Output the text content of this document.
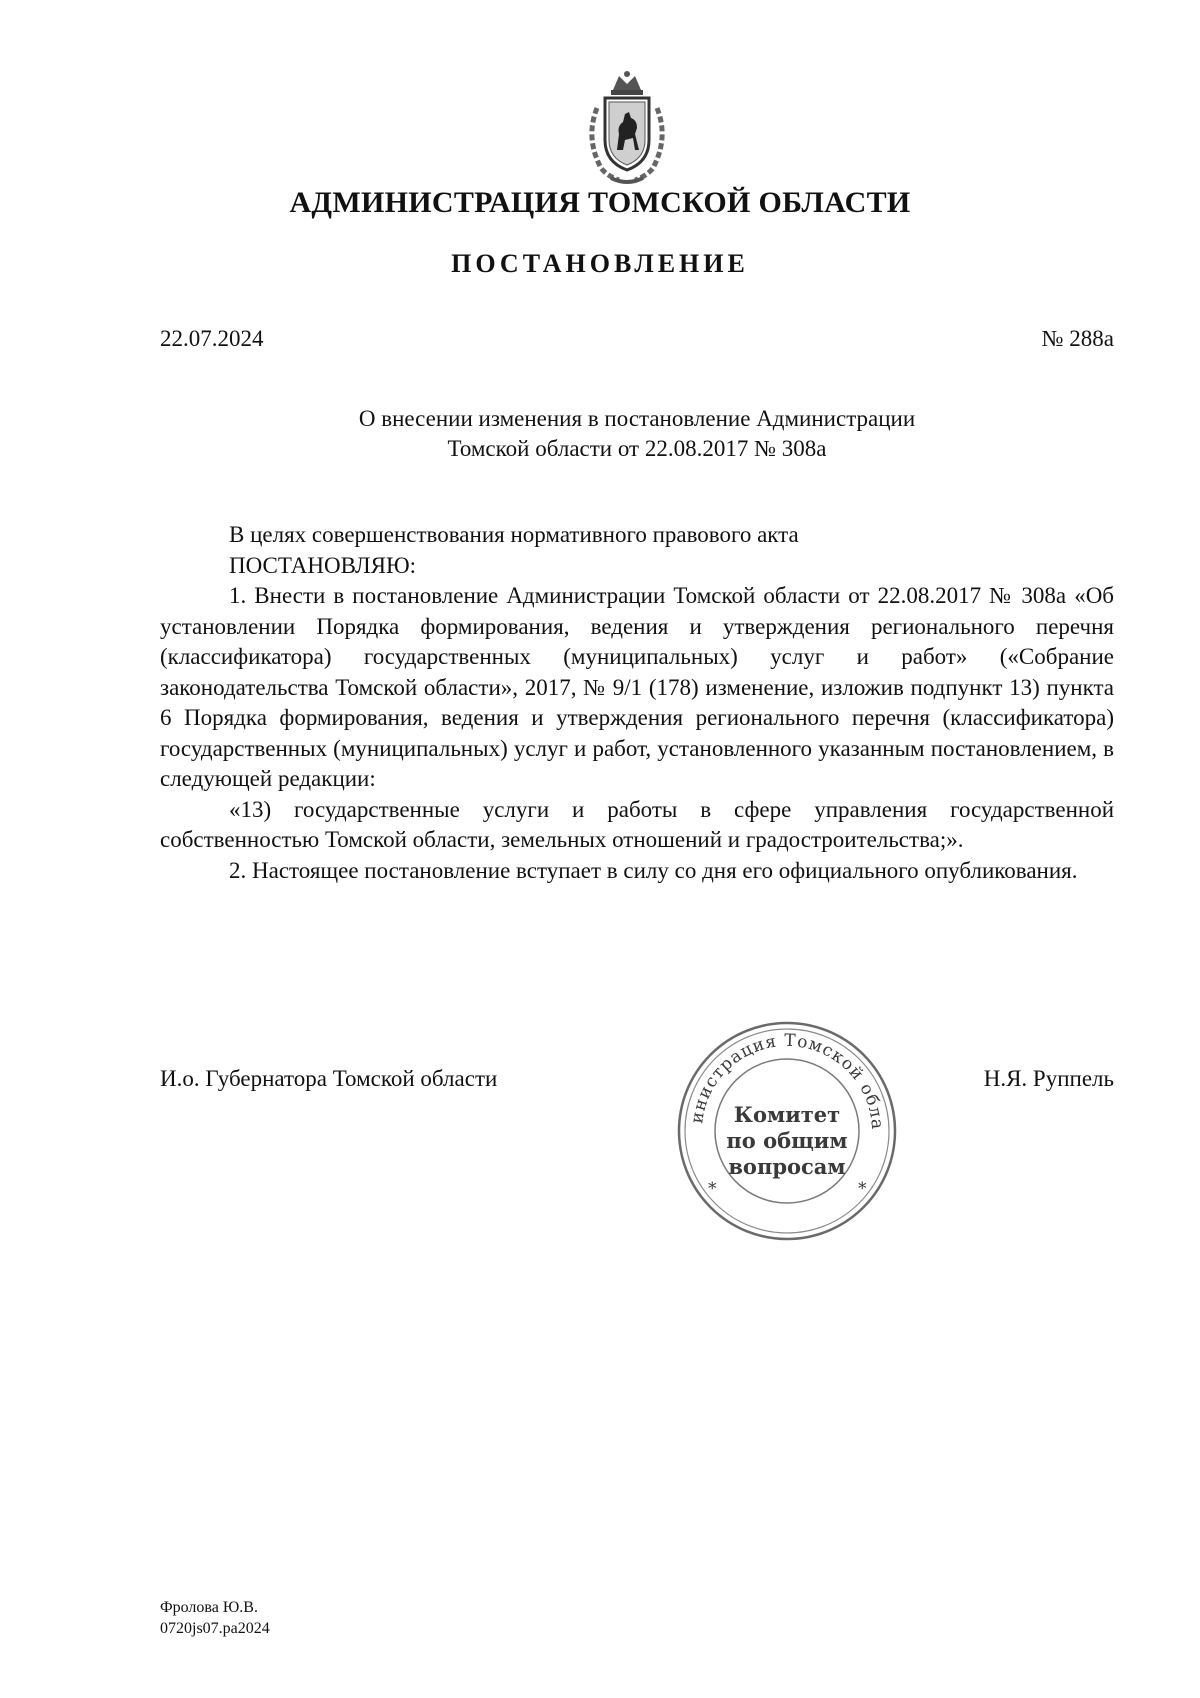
АДМИНИСТРАЦИЯ ТОМСКОЙ ОБЛАСТИ
ПОСТАНОВЛЕНИЕ
22.07.2024	№ 288а
О внесении изменения в постановление Администрации
Томской области от 22.08.2017 № 308а

В целях совершенствования нормативного правового акта

ПОСТАНОВЛЯЮ:

1. Внести в постановление Администрации Томской области от 22.08.2017 № 308а «Об установлении Порядка формирования, ведения и утверждения регионального перечня (классификатора) государственных (муниципальных) услуг и работ» («Собрание законодательства Томской области», 2017, № 9/1 (178) изменение, изложив подпункт 13) пункта 6 Порядка формирования, ведения и утверждения регионального перечня (классификатора) государственных (муниципальных) услуг и работ, установленного указанным постановлением, в следующей редакции:

«13) государственные услуги и работы в сфере управления государственной собственностью Томской области, земельных отношений и градостроительства;».

2. Настоящее постановление вступает в силу со дня его официального опубликования.

И.о. Губернатора Томской области	Н.Я. Руппель
инистрация Томской обла
*	*
Комитет
по общим
вопросам
Фролова Ю.В.
0720js07.pa2024
